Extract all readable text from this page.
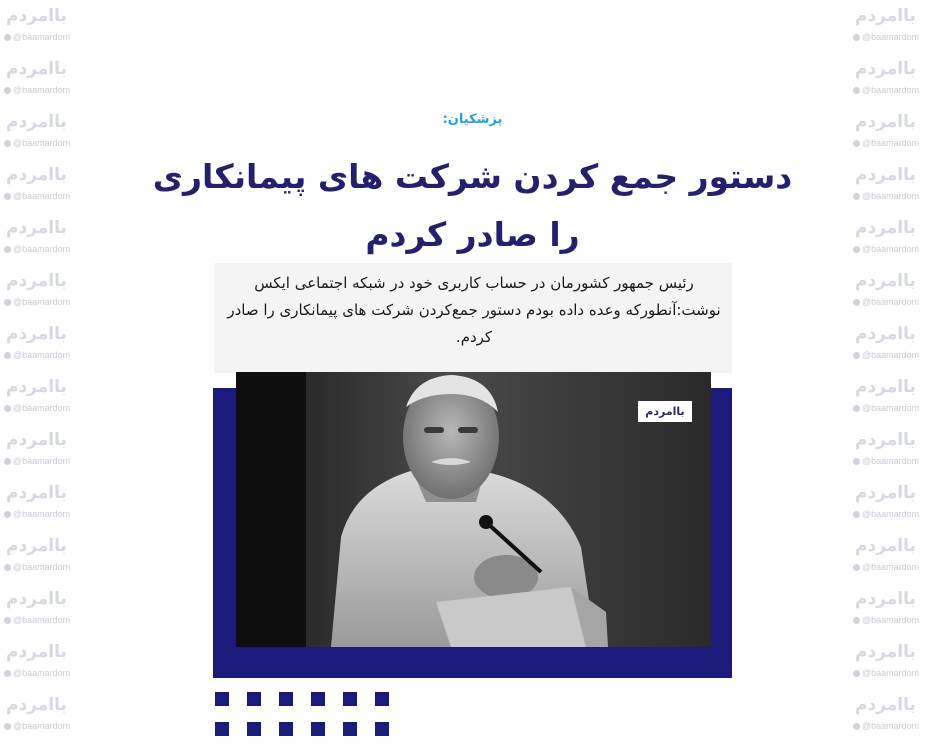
باامردم
@baamardom
باامردم
@baamardom
باامردم
@baamardom
باامردم
@baamardom
باامردم
@baamardom
باامردم
@baamardom
باامردم
@baamardom
باامردم
@baamardom
باامردم
@baamardom
باامردم
@baamardom
باامردم
@baamardom
باامردم
@baamardom
باامردم
@baamardom
باامردم
@baamardom
باامردم
@baamardom
باامردم
@baamardom
باامردم
@baamardom
باامردم
@baamardom
باامردم
@baamardom
باامردم
@baamardom
باامردم
@baamardom
باامردم
@baamardom
باامردم
@baamardom
باامردم
@baamardom
باامردم
@baamardom
باامردم
@baamardom
باامردم
@baamardom
باامردم
@baamardom
پزشکیان:
دستور جمع کردن شرکت های پیمانکاری را صادر کردم
رئیس جمهور کشورمان در حساب کاربری خود در شبکه اجتماعی ایکس نوشت:آنطورکه وعده داده بودم دستور جمع‌کردن شرکت های پیمانکاری را صادر کردم.
باامردم
